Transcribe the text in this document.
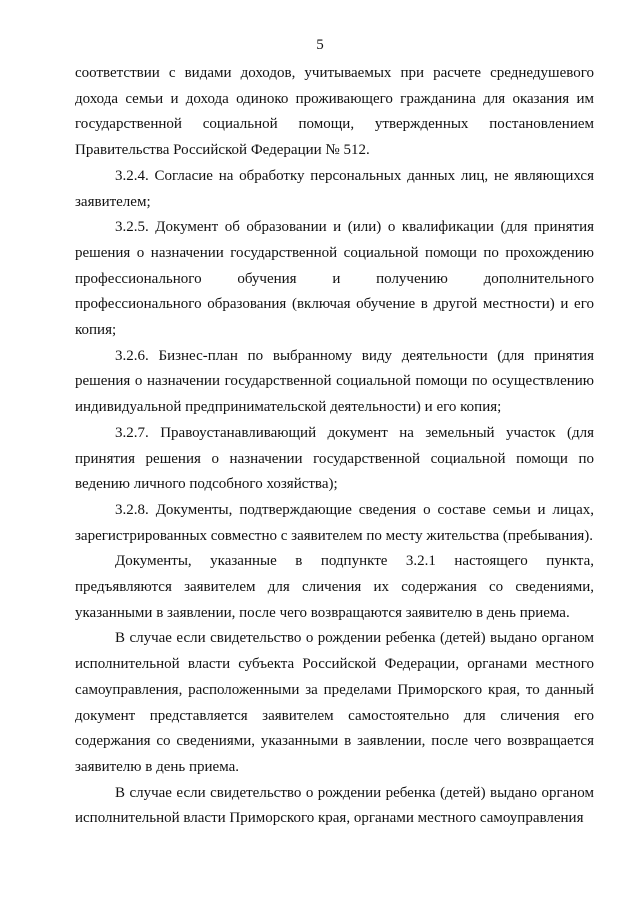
5

соответствии с видами доходов, учитываемых при расчете среднедушевого дохода семьи и дохода одиноко проживающего гражданина для оказания им государственной социальной помощи, утвержденных постановлением Правительства Российской Федерации № 512.

3.2.4. Согласие на обработку персональных данных лиц, не являющихся заявителем;

3.2.5. Документ об образовании и (или) о квалификации (для принятия решения о назначении государственной социальной помощи по прохождению профессионального обучения и получению дополнительного профессионального образования (включая обучение в другой местности) и его копия;

3.2.6. Бизнес-план по выбранному виду деятельности (для принятия решения о назначении государственной социальной помощи по осуществлению индивидуальной предпринимательской деятельности) и его копия;

3.2.7. Правоустанавливающий документ на земельный участок (для принятия решения о назначении государственной социальной помощи по ведению личного подсобного хозяйства);

3.2.8. Документы, подтверждающие сведения о составе семьи и лицах, зарегистрированных совместно с заявителем по месту жительства (пребывания).

Документы, указанные в подпункте 3.2.1 настоящего пункта, предъявляются заявителем для сличения их содержания со сведениями, указанными в заявлении, после чего возвращаются заявителю в день приема.

В случае если свидетельство о рождении ребенка (детей) выдано органом исполнительной власти субъекта Российской Федерации, органами местного самоуправления, расположенными за пределами Приморского края, то данный документ представляется заявителем самостоятельно для сличения его содержания со сведениями, указанными в заявлении, после чего возвращается заявителю в день приема.

В случае если свидетельство о рождении ребенка (детей) выдано органом исполнительной власти Приморского края, органами местного самоуправления
